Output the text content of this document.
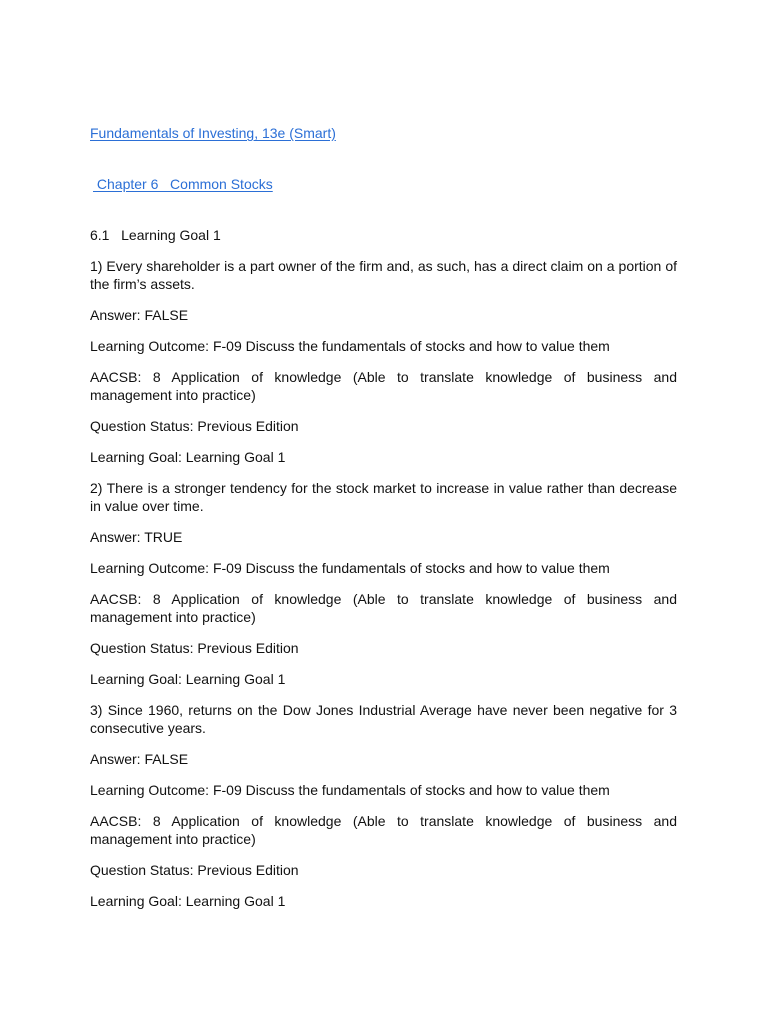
Fundamentals of Investing, 13e (Smart)
Chapter 6   Common Stocks

6.1   Learning Goal 1

1) Every shareholder is a part owner of the firm and, as such, has a direct claim on a portion of the firm’s assets.

Answer: FALSE

Learning Outcome: F-09 Discuss the fundamentals of stocks and how to value them

AACSB: 8 Application of knowledge (Able to translate knowledge of business and management into practice)

Question Status: Previous Edition

Learning Goal: Learning Goal 1

2) There is a stronger tendency for the stock market to increase in value rather than decrease in value over time.

Answer: TRUE

Learning Outcome: F-09 Discuss the fundamentals of stocks and how to value them

AACSB: 8 Application of knowledge (Able to translate knowledge of business and management into practice)

Question Status: Previous Edition

Learning Goal: Learning Goal 1

3) Since 1960, returns on the Dow Jones Industrial Average have never been negative for 3 consecutive years.

Answer: FALSE

Learning Outcome: F-09 Discuss the fundamentals of stocks and how to value them

AACSB: 8 Application of knowledge (Able to translate knowledge of business and management into practice)

Question Status: Previous Edition

Learning Goal: Learning Goal 1
